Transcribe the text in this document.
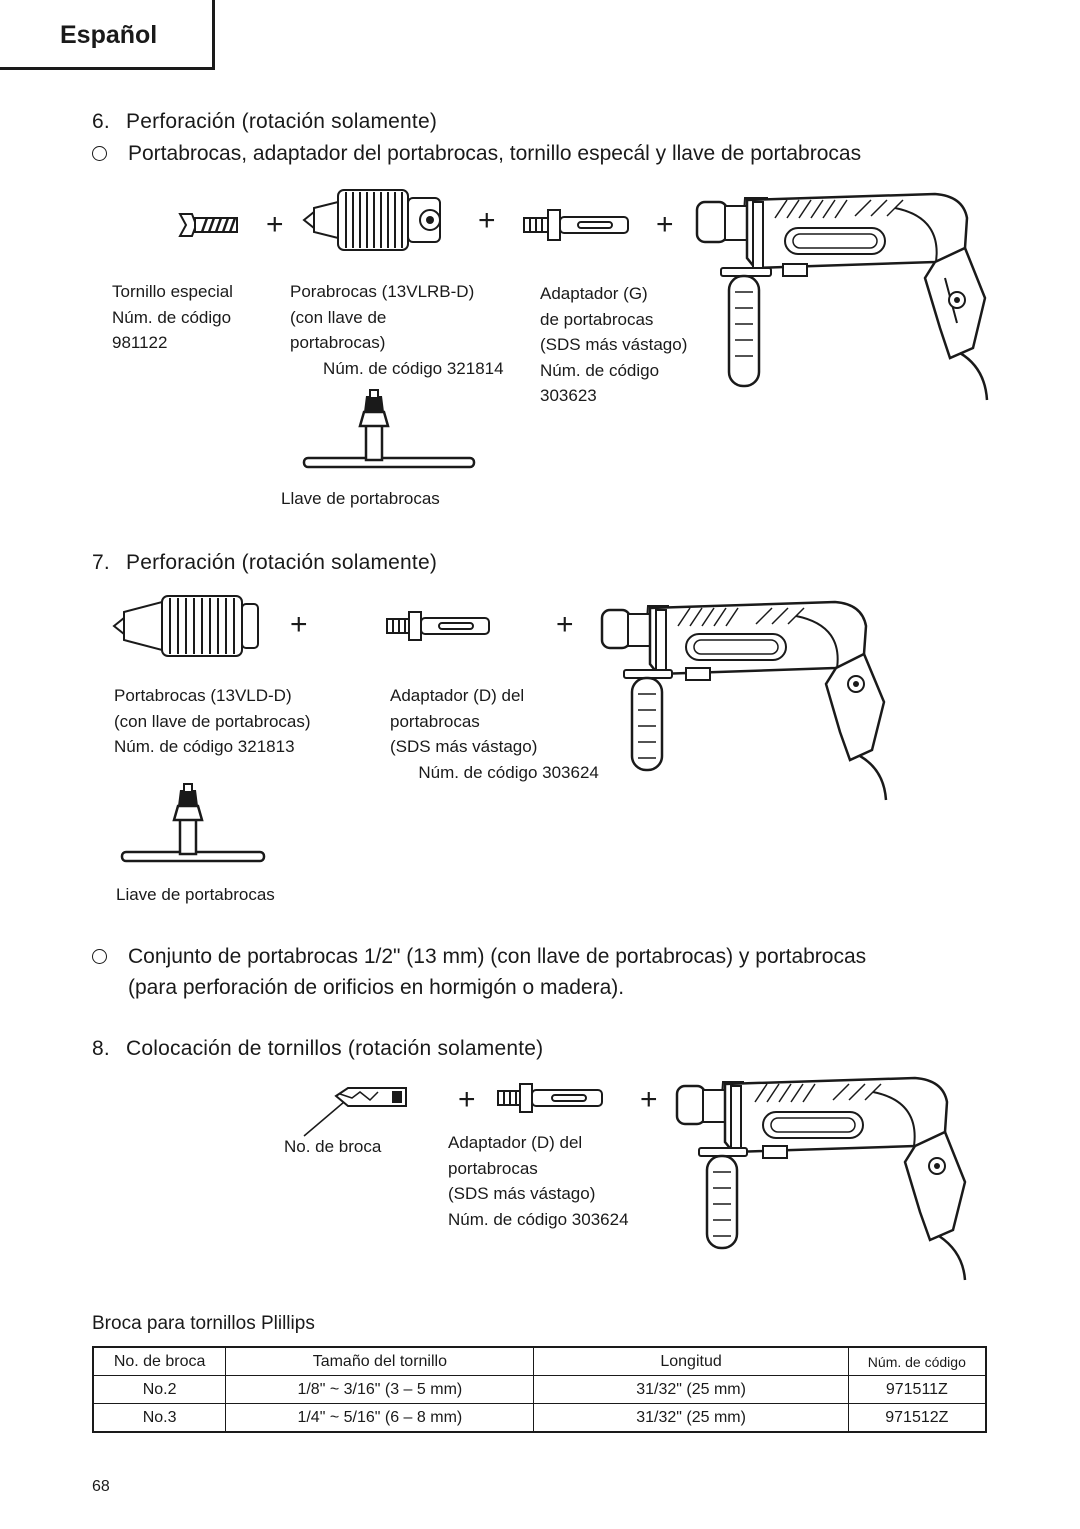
Español
6. Perforación (rotación solamente)
Portabrocas, adaptador del portabrocas, tornillo especál y llave de portabrocas
+	+	+
Tornillo especial
Núm. de código
981122
Porabrocas (13VLRB-D)
(con llave de
portabrocas)
Núm. de código 321814
Adaptador (G)
de portabrocas
(SDS más vástago)
Núm. de código
303623
Llave de portabrocas
7. Perforación (rotación solamente)
+	+
Portabrocas (13VLD-D)
(con llave de portabrocas)
Núm. de código 321813
Adaptador (D) del
portabrocas
(SDS más vástago)
Núm. de código 303624
Liave de portabrocas
Conjunto de portabrocas 1/2" (13 mm) (con llave de portabrocas) y portabrocas
(para perforación de orificios en hormigón o madera).
8. Colocación de tornillos (rotación solamente)
+	+
No. de broca	Adaptador (D) del
portabrocas
(SDS más vástago)
Núm. de código 303624
Broca para tornillos Plillips
No. de broca	Tamaño del tornillo	Longitud	Núm. de código
No.2	1/8" ~ 3/16" (3 – 5 mm)	31/32" (25 mm)	971511Z
No.3	1/4" ~ 5/16" (6 – 8 mm)	31/32" (25 mm)	971512Z
68
